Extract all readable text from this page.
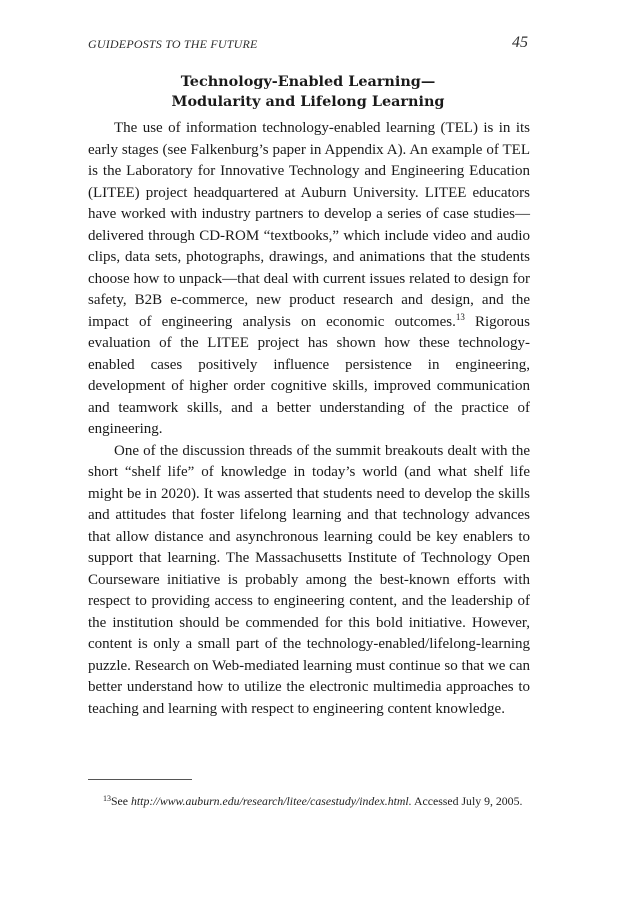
GUIDEPOSTS TO THE FUTURE	45
Technology-Enabled Learning—
Modularity and Lifelong Learning

The use of information technology-enabled learning (TEL) is in its early stages (see Falkenburg’s paper in Appendix A). An example of TEL is the Laboratory for Innovative Technology and Engineering Education (LITEE) project headquartered at Auburn University. LITEE educators have worked with industry partners to develop a series of case studies—delivered through CD-ROM “textbooks,” which include video and audio clips, data sets, photographs, drawings, and animations that the students choose how to unpack—that deal with current issues related to design for safety, B2B e-commerce, new product research and design, and the impact of engineering analysis on economic outcomes.$^{13}$ Rigorous evaluation of the LITEE project has shown how these technology-enabled cases positively influence persistence in engineering, development of higher order cognitive skills, improved communication and teamwork skills, and a better understanding of the practice of engineering.

One of the discussion threads of the summit breakouts dealt with the short “shelf life” of knowledge in today’s world (and what shelf life might be in 2020). It was asserted that students need to develop the skills and attitudes that foster lifelong learning and that technology advances that allow distance and asynchronous learning could be key enablers to support that learning. The Massachusetts Institute of Technology Open Courseware initiative is probably among the best-known efforts with respect to providing access to engineering content, and the leadership of the institution should be commended for this bold initiative. However, content is only a small part of the technology-enabled/lifelong-learning puzzle. Research on Web-mediated learning must continue so that we can better understand how to utilize the electronic multimedia approaches to teaching and learning with respect to engineering content knowledge.

$^{13}$See http://www.auburn.edu/research/litee/casestudy/index.html. Accessed July 9, 2005.
